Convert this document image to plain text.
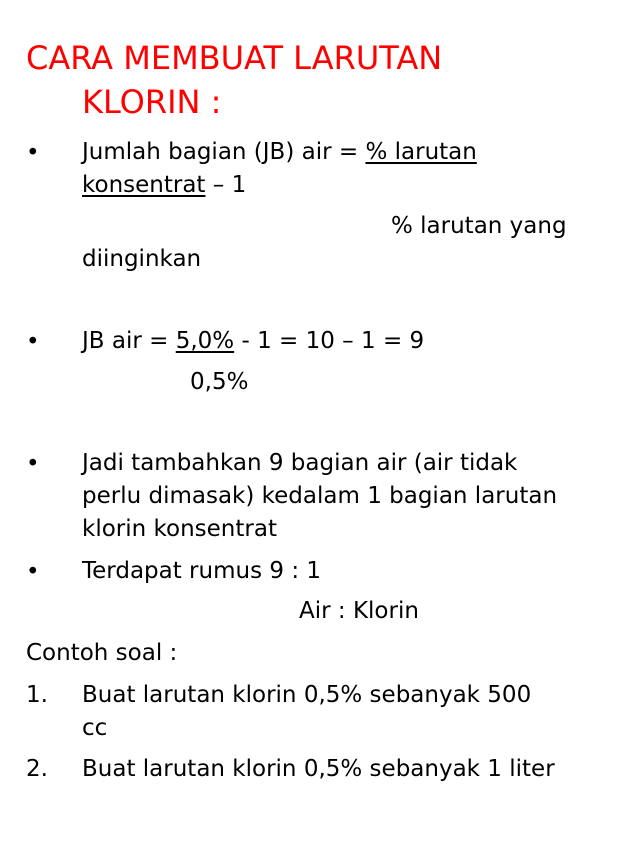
CARA MEMBUAT LARUTAN
KLORIN :
• Jumlah bagian (JB) air = % larutan
konsentrat – 1
% larutan yang
diinginkan
• JB air = 5,0% - 1 = 10 – 1 = 9
0,5%
• Jadi tambahkan 9 bagian air (air tidak
perlu dimasak) kedalam 1 bagian larutan
klorin konsentrat
• Terdapat rumus 9 : 1
Air : Klorin
Contoh soal :
1. Buat larutan klorin 0,5% sebanyak 500
cc
2. Buat larutan klorin 0,5% sebanyak 1 liter
